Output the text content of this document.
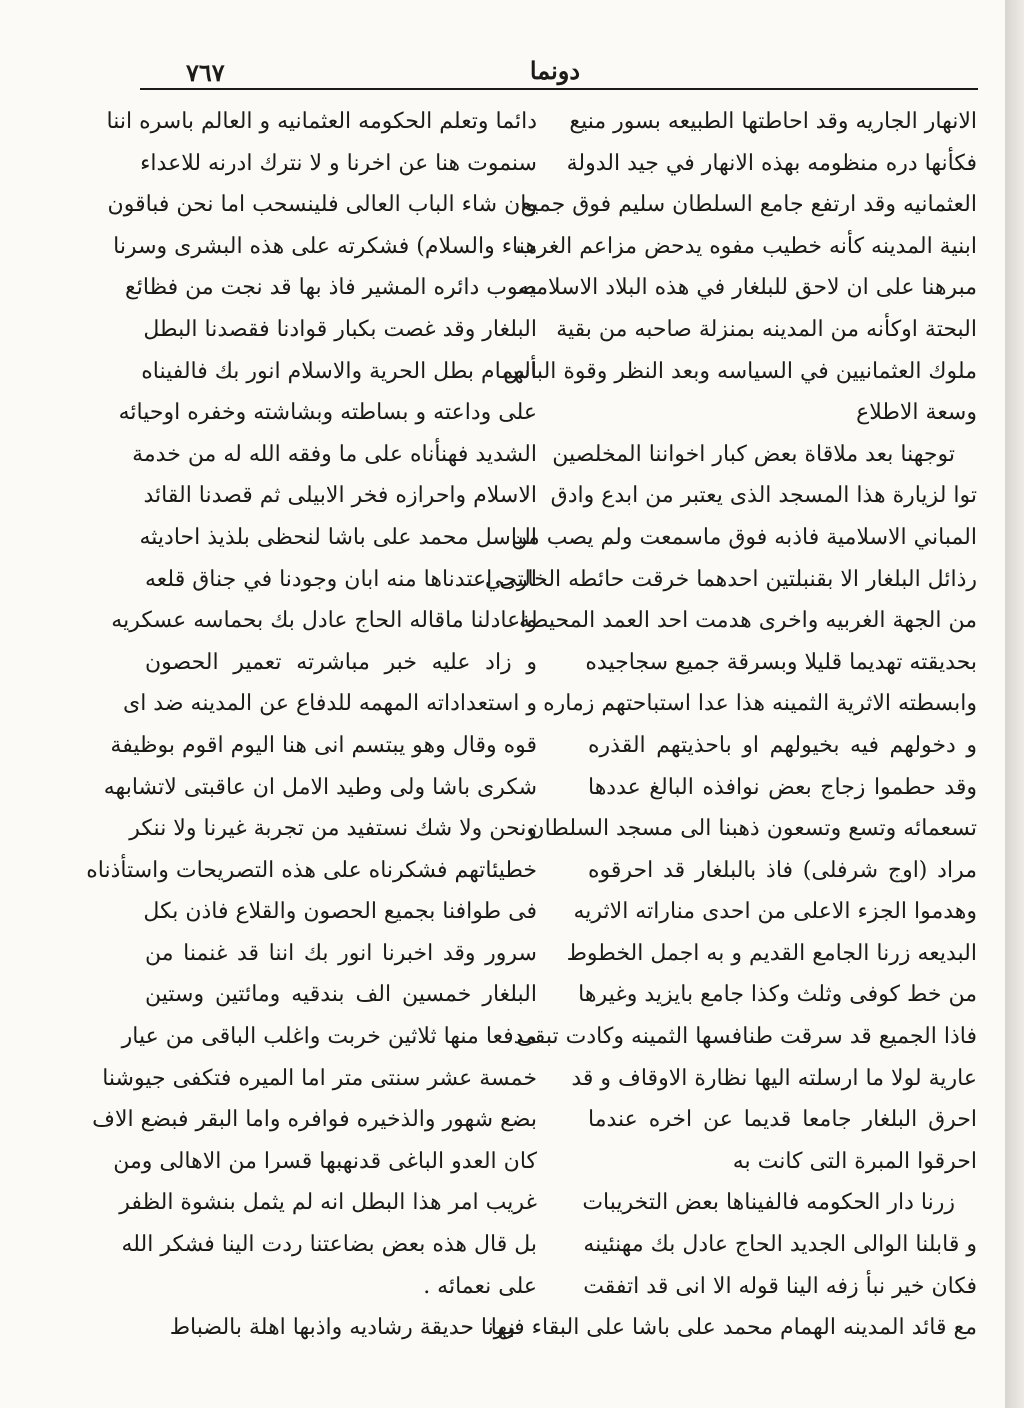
٧٦٧	دونما
الانهار الجاريه وقد احاطتها الطبيعه بسور منيع
فكأنها دره منظومه بهذه الانهار في جيد الدولة
العثمانيه وقد ارتفع جامع السلطان سليم فوق جميع
ابنية المدينه كأنه خطيب مفوه يدحض مزاعم الغرب
مبرهنا على ان لاحق للبلغار في هذه البلاد الاسلاميه
البحتة اوكأنه من المدينه بمنزلة صاحبه من بقية
ملوك العثمانيين في السياسه وبعد النظر وقوة البأس
وسعة الاطلاع
توجهنا بعد ملاقاة بعض كبار اخواننا المخلصين
توا لزيارة هذا المسجد الذى يعتبر من ابدع وادق
المباني الاسلامية فاذبه فوق ماسمعت ولم يصب من
رذائل البلغار الا بقنبلتين احدهما خرقت حائطه الخارجي
من الجهة الغربيه واخرى هدمت احد العمد المحيطة
بحديقته تهديما قليلا وبسرقة جميع سجاجيده
وابسطته الاثرية الثمينه هذا عدا استباحتهم زماره
و دخولهم فيه بخيولهم او باحذيتهم القذره
وقد حطموا زجاج بعض نوافذه البالغ عددها
تسعمائه وتسع وتسعون ذهبنا الى مسجد السلطان
مراد (اوج شرفلى) فاذ بالبلغار قد احرقوه
وهدموا الجزء الاعلى من احدى مناراته الاثريه
البديعه زرنا الجامع القديم و به اجمل الخطوط
من خط كوفى وثلث وكذا جامع بايزيد وغيرها
فاذا الجميع قد سرقت طنافسها الثمينه وكادت تبقى
عارية لولا ما ارسلته اليها نظارة الاوقاف و قد
احرق البلغار جامعا قديما عن اخره عندما
احرقوا المبرة التى كانت به
زرنا دار الحكومه فالفيناها بعض التخريبات
و قابلنا الوالى الجديد الحاج عادل بك مهنئينه
فكان خير نبأ زفه الينا قوله الا انى قد اتفقت
مع قائد المدينه الهمام محمد على باشا على البقاء فيها
دائما وتعلم الحكومه العثمانيه و العالم باسره اننا
سنموت هنا عن اخرنا و لا نترك ادرنه للاعداء
وان شاء الباب العالى فلينسحب اما نحن فباقون
هناء والسلام) فشكرته على هذه البشرى وسرنا
صوب دائره المشير فاذ بها قد نجت من فظائع
البلغار وقد غصت بكبار قوادنا فقصدنا البطل
الهمام بطل الحرية والاسلام انور بك فالفيناه
على وداعته و بساطته وبشاشته وخفره اوحيائه
الشديد فهنأناه على ما وفقه الله له من خدمة
الاسلام واحرازه فخر الابيلى ثم قصدنا القائد
الباسل محمد على باشا لنحظى بلذيذ احاديثه
التى اعتدناها منه ابان وجودنا في جناق قلعه
واعادلنا ماقاله الحاج عادل بك بحماسه عسكريه
و زاد عليه خبر مباشرته تعمير الحصون
و استعداداته المهمه للدفاع عن المدينه ضد اى
قوه وقال وهو يبتسم انى هنا اليوم اقوم بوظيفة
شكرى باشا ولى وطيد الامل ان عاقبتى لاتشابهه
ونحن ولا شك نستفيد من تجربة غيرنا ولا ننكر
خطيئاتهم فشكرناه على هذه التصريحات واستأذناه
فى طوافنا بجميع الحصون والقلاع فاذن بكل
سرور وقد اخبرنا انور بك اننا قد غنمنا من
البلغار خمسين الف بندقيه ومائتين وستين
مدفعا منها ثلاثين خربت واغلب الباقى من عيار
خمسة عشر سنتى متر اما الميره فتكفى جيوشنا
بضع شهور والذخيره فوافره واما البقر فبضع الاف
كان العدو الباغى قدنهبها قسرا من الاهالى ومن
غريب امر هذا البطل انه لم يثمل بنشوة الظفر
بل قال هذه بعض بضاعتنا ردت الينا فشكر الله
على نعمائه .
زرنا حديقة رشاديه واذبها اهلة بالضباط
